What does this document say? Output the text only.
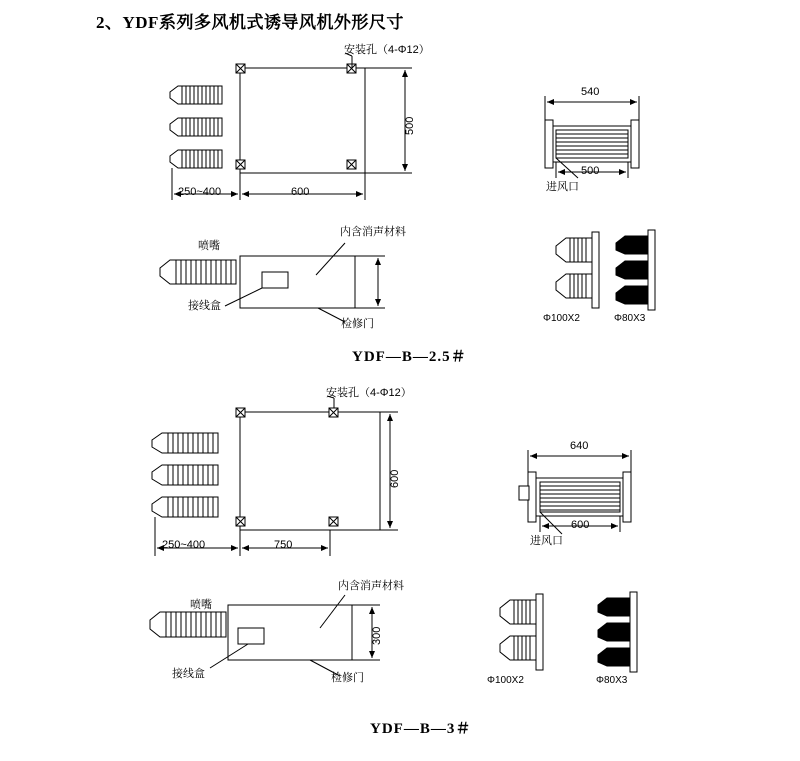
2、YDF系列多风机式诱导风机外形尺寸
安装孔（4-Φ12）
500
600
250~400
喷嘴
内含消声材料
接线盒
检修门
540
500
进风口
Φ100X2	Φ80X3
YDF—B—2.5＃
安装孔（4-Φ12）
600
750
250~400
喷嘴
内含消声材料
接线盒	检修门
300
640
600
进风口
Φ100X2	Φ80X3
YDF—B—3＃
